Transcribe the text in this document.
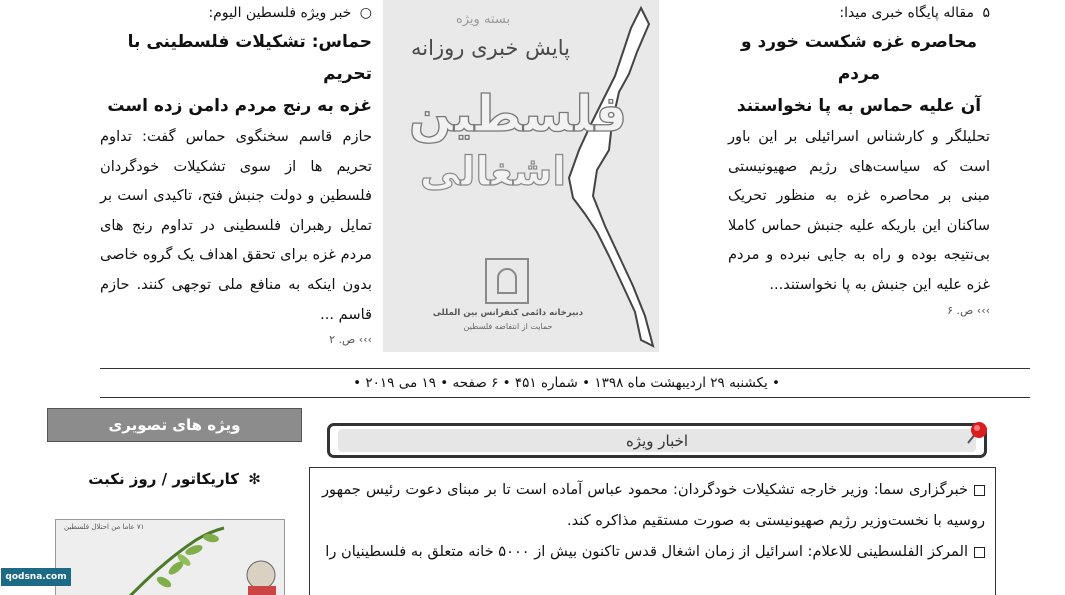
۵ مقاله پایگاه خبری میدا:
محاصره غزه شکست خورد و مردم
آن علیه حماس به پا نخواستند
تحلیلگر و کارشناس اسرائیلی بر این باور است که سیاست‌های رژیم صهیونیستی مبنی بر محاصره غزه به منظور تحریک ساکنان این باریکه علیه جنبش حماس کاملا بی‌نتیجه بوده و راه به جایی نبرده و مردم غزه علیه این جنبش به پا نخواستند...
››› ص. ۶
بسته ویژه
پایش خبری روزانه
فلسطین
اشغالی
دبیرخانه دائمی کنفرانس بین المللی
حمایت از انتفاضه فلسطین
○ خبر ویژه فلسطین الیوم:
حماس: تشکیلات فلسطینی با تحریم
غزه به رنج مردم دامن زده است
حازم قاسم سخنگوی حماس گفت: تداوم تحریم ها از سوی تشکیلات خودگردان فلسطین و دولت جنبش فتح، تاکیدی است بر تمایل رهبران فلسطینی در تداوم رنج های مردم غزه برای تحقق اهداف یک گروه خاصی بدون اینکه به منافع ملی توجهی کنند. حازم قاسم ...
››› ص. ۲
• یکشنبه ۲۹ اردیبهشت ماه ۱۳۹۸ • شماره ۴۵۱ • ۶ صفحه • ۱۹ می ۲۰۱۹ •
اخبار ویژه
خبرگزاری سما: وزیر خارجه تشکیلات خودگردان: محمود عباس آماده است تا بر مبنای دعوت رئیس جمهور روسیه با نخست‌وزیر رژیم صهیونیستی به صورت مستقیم مذاکره کند.
المرکز الفلسطینی للاعلام: اسرائیل از زمان اشغال قدس تاکنون بیش از ۵۰۰۰ خانه متعلق به فلسطینیان را
ویژه های تصویری
✻ کاریکاتور / روز نکبت
۷۱ عاما من احتلال فلسطين
qodsna.com
